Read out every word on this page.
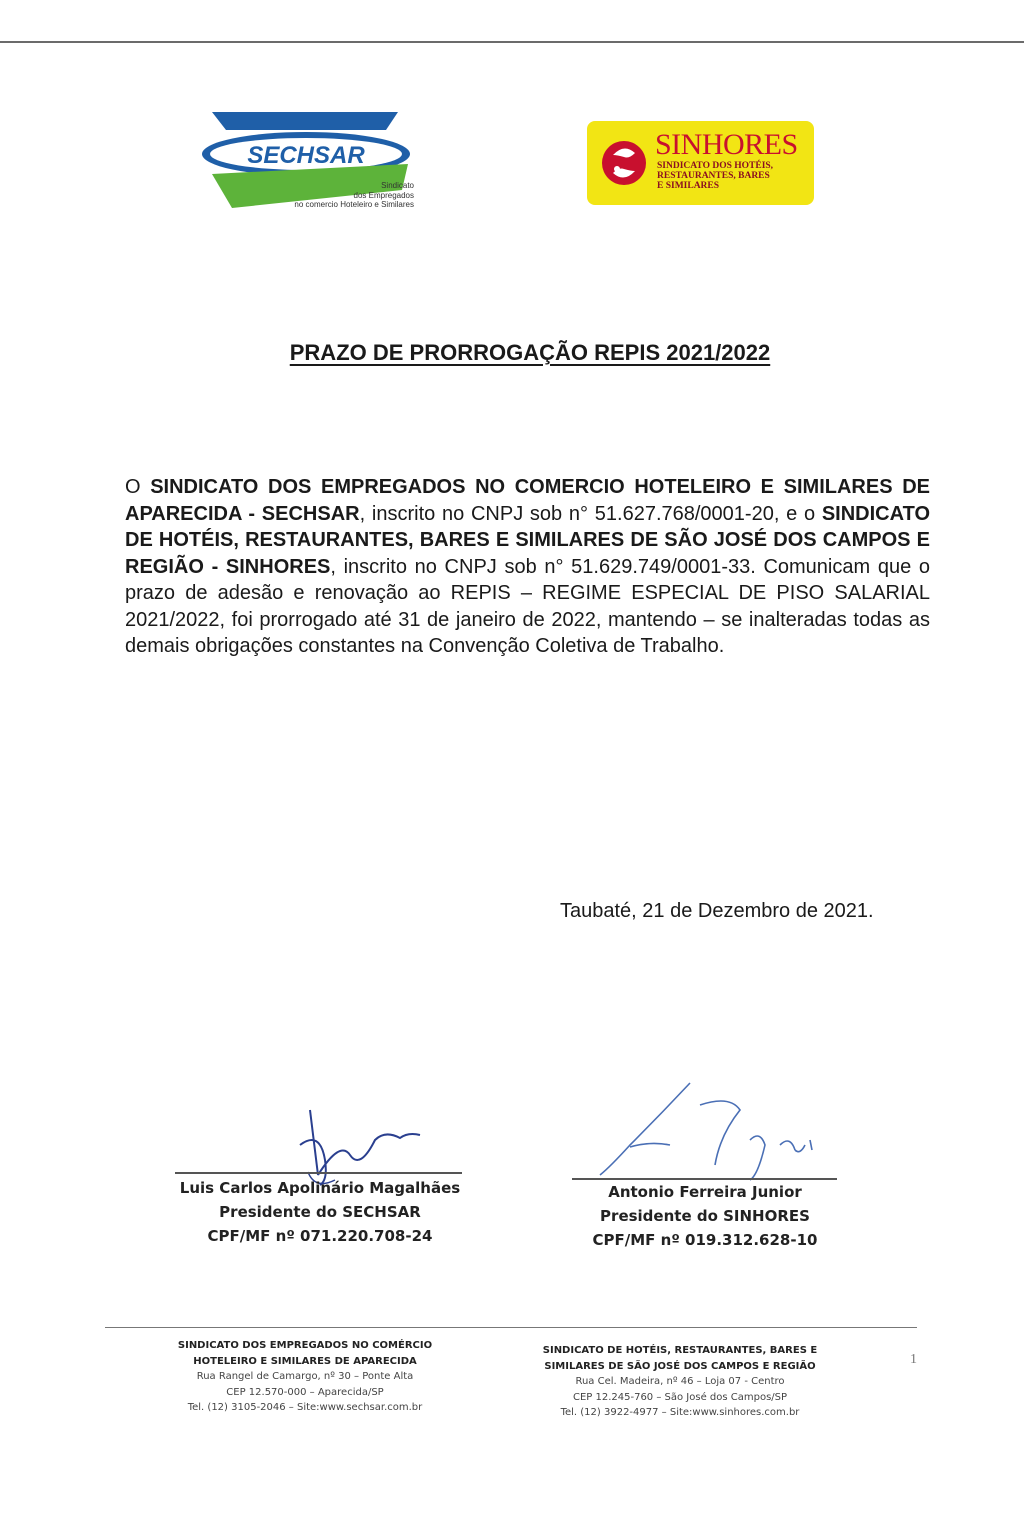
SECHSAR
Sindicato
dos Empregados
no comercio Hoteleiro e Similares
SINHORES
SINDICATO DOS HOTÉIS,
RESTAURANTES, BARES
E SIMILARES
PRAZO DE PRORROGAÇÃO REPIS 2021/2022

O SINDICATO DOS EMPREGADOS NO COMERCIO HOTELEIRO E SIMILARES DE APARECIDA - SECHSAR, inscrito no CNPJ sob n° 51.627.768/0001-20, e o SINDICATO DE HOTÉIS, RESTAURANTES, BARES E SIMILARES DE SÃO JOSÉ DOS CAMPOS E REGIÃO - SINHORES, inscrito no CNPJ sob n° 51.629.749/0001-33. Comunicam que o prazo de adesão e renovação ao REPIS – REGIME ESPECIAL DE PISO SALARIAL 2021/2022, foi prorrogado até 31 de janeiro de 2022, mantendo – se inalteradas todas as demais obrigações constantes na Convenção Coletiva de Trabalho.

Taubaté, 21 de Dezembro de 2021.
Luis Carlos Apolinário Magalhães
Presidente do SECHSAR
CPF/MF nº 071.220.708-24
Antonio Ferreira Junior
Presidente do SINHORES
CPF/MF nº 019.312.628-10
SINDICATO DOS EMPREGADOS NO COMÉRCIO
HOTELEIRO E SIMILARES DE APARECIDA
Rua Rangel de Camargo, nº 30 – Ponte Alta
CEP 12.570-000 – Aparecida/SP
Tel. (12) 3105-2046 – Site:www.sechsar.com.br
SINDICATO DE HOTÉIS, RESTAURANTES, BARES E
SIMILARES DE SÃO JOSÉ DOS CAMPOS E REGIÃO
Rua Cel. Madeira, nº 46 – Loja 07 - Centro
CEP 12.245-760 – São José dos Campos/SP
Tel. (12) 3922-4977 – Site:www.sinhores.com.br
1
